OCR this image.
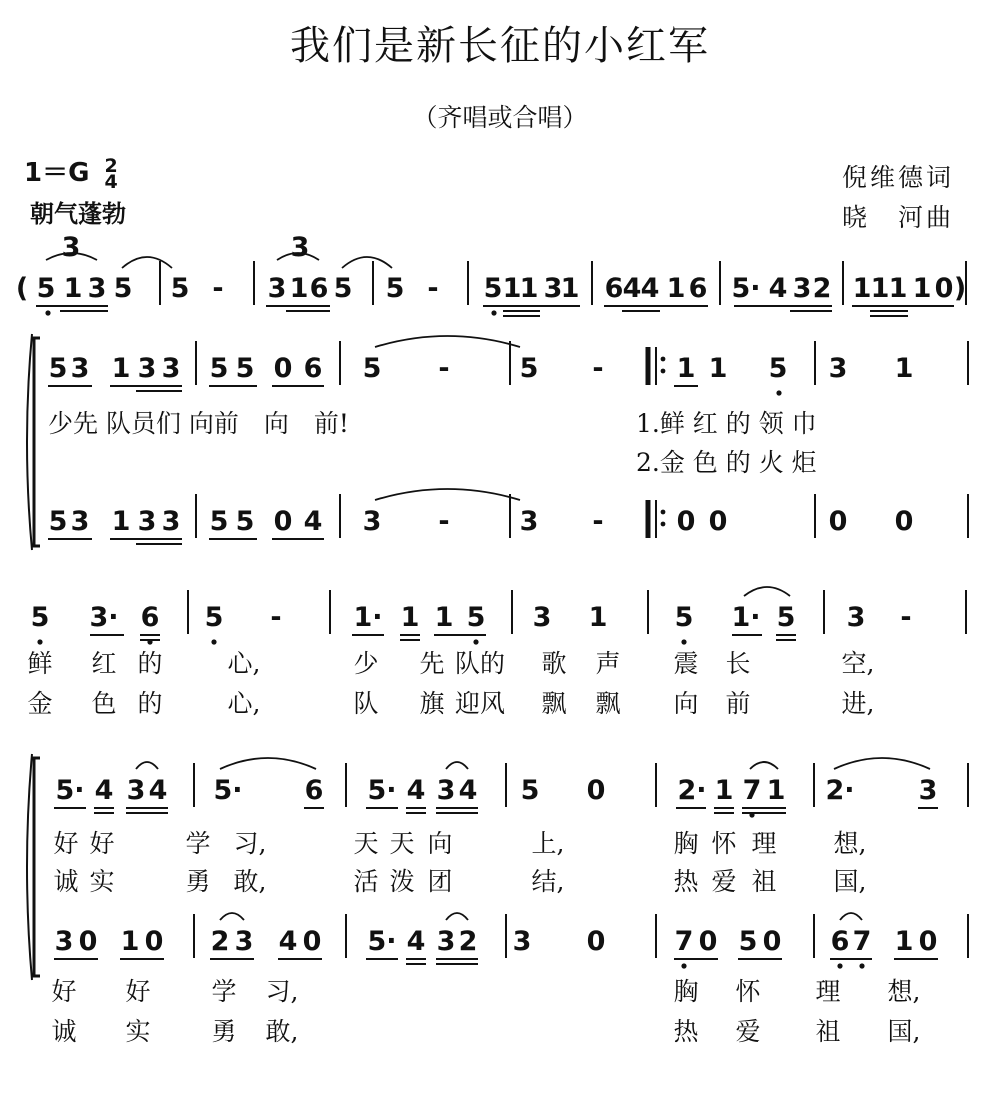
我们是新长征的小红军
（齐唱或合唱）
1＝G 2
4
朝气蓬勃
倪维德词
晓　河曲
(	)
5 1 3 5
3
5 - 3 1 6 5
3
5 - 5 1
1 3
1 6 4 4 1 6 5· 4 3 2 1 1 1 1 0
5 3 1 3 3 5 5 0 6 5 -	5 -	1 1 5 3 1
5 3 1 3 3 5 5 0 4 3 -	3 -	0 0	0 0
少先 队员们 向前　向　前!	1.鲜 红 的 领 巾
2.金 色 的 火 炬
5 3· 6 5 -	1· 1 1 5 3 1 5 1· 5 3 -
鲜
金
红
色
的
的
心,
心,
少
队
先
旗
队的
迎风
歌
飘
声
飘
震
向
长
前
空,
进,
5· 4 3 4 5· 6 5· 4 3 4 5 0	2· 1 7 1 2· 3
好
诚
好
实
学
勇
习,
敢,
天
活
天
泼
向
团
上,
结,
胸
热
怀
爱
理
祖
想,
国,
3 0 1 0 2 3 4 0 5· 4 3 2 3 0	7 0 5 0 6 7 1 0
好
诚
好
实
学
勇
习,
敢,
胸
热
怀
爱
理
祖
想,
国,
